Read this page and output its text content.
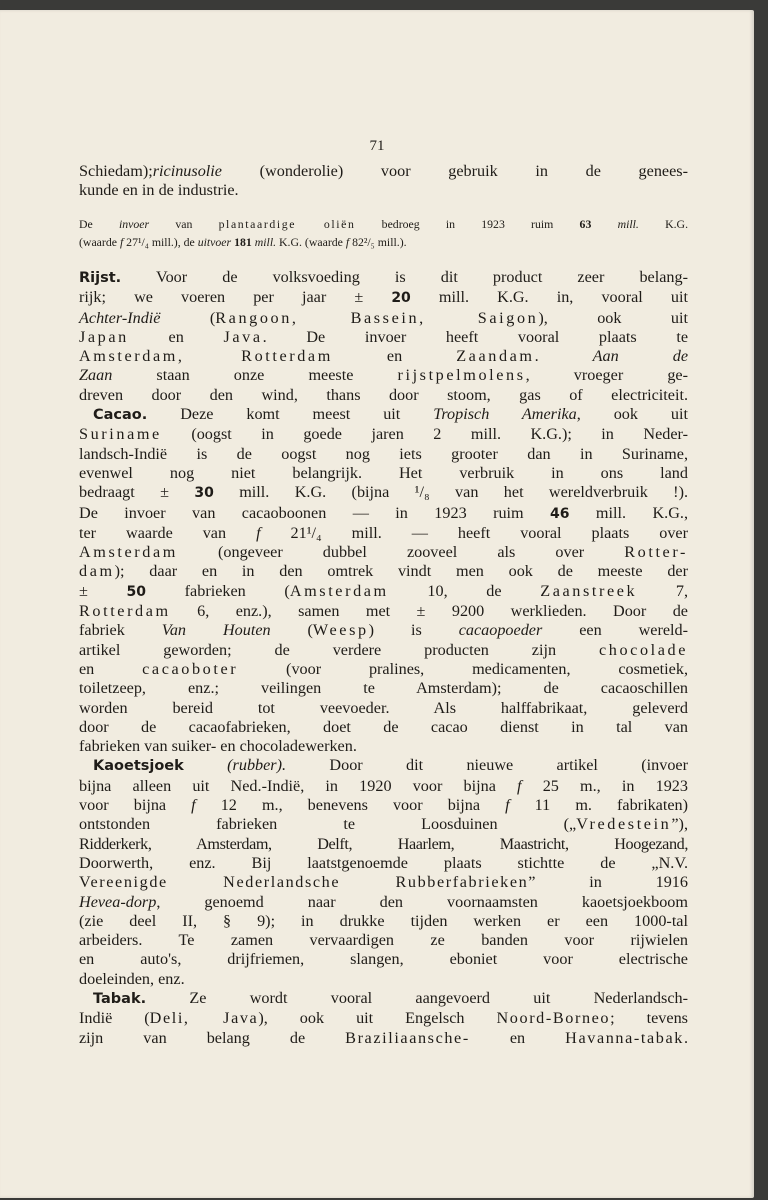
71

Schiedam);ricinusolie (wonderolie) voor gebruik in de genees-
kunde en in de industrie.

De invoer van plantaardige oliën bedroeg in 1923 ruim 63 mill. K.G.
(waarde f 27¹/₄ mill.), de uitvoer 181 mill. K.G. (waarde f 82²/₅ mill.).

Rijst. Voor de volksvoeding is dit product zeer belang-
rijk; we voeren per jaar ± 20 mill. K.G. in, vooral uit
Achter-Indië (Rangoon, Bassein, Saigon), ook uit
Japan en Java. De invoer heeft vooral plaats te
Amsterdam, Rotterdam en Zaandam. Aan de
Zaan staan onze meeste rijstpelmolens, vroeger ge-
dreven door den wind, thans door stoom, gas of electriciteit.

Cacao. Deze komt meest uit Tropisch Amerika, ook uit
Suriname (oogst in goede jaren 2 mill. K.G.); in Neder-
landsch-Indië is de oogst nog iets grooter dan in Suriname,
evenwel nog niet belangrijk. Het verbruik in ons land
bedraagt ± 30 mill. K.G. (bijna ¹/₈ van het wereldverbruik !).
De invoer van cacaoboonen — in 1923 ruim 46 mill. K.G.,
ter waarde van f 21¹/₄ mill. — heeft vooral plaats over
Amsterdam (ongeveer dubbel zooveel als over Rotter-
dam); daar en in den omtrek vindt men ook de meeste der
± 50 fabrieken (Amsterdam 10, de Zaanstreek 7,
Rotterdam 6, enz.), samen met ± 9200 werklieden. Door de
fabriek Van Houten (Weesp) is cacaopoeder een wereld-
artikel geworden; de verdere producten zijn chocolade
en cacaoboter (voor pralines, medicamenten, cosmetiek,
toiletzeep, enz.; veilingen te Amsterdam); de cacaoschillen
worden bereid tot veevoeder. Als halffabrikaat, geleverd
door de cacaofabrieken, doet de cacao dienst in tal van
fabrieken van suiker- en chocoladewerken.

Kaoetsjoek	(rubber). Door dit nieuwe artikel (invoer
bijna alleen uit Ned.-Indië, in 1920 voor bijna f 25 m., in 1923
voor bijna f 12 m., benevens voor bijna f 11 m. fabrikaten)
ontstonden fabrieken te Loosduinen („Vredestein”),
Ridderkerk, Amsterdam, Delft, Haarlem, Maastricht, Hoogezand,
Doorwerth, enz. Bij laatstgenoemde plaats stichtte de „N.V.
Vereenigde Nederlandsche Rubberfabrieken” in 1916
Hevea-dorp, genoemd naar den voornaamsten kaoetsjoekboom
(zie deel II, § 9); in drukke tijden werken er een 1000-tal
arbeiders. Te zamen vervaardigen ze banden voor rijwielen
en auto's, drijfriemen, slangen, eboniet voor electrische
doeleinden, enz.

Tabak. Ze wordt vooral aangevoerd uit Nederlandsch-
Indië (Deli, Java), ook uit Engelsch Noord-Borneo; tevens
zijn van belang de Braziliaansche- en Havanna-tabak.
